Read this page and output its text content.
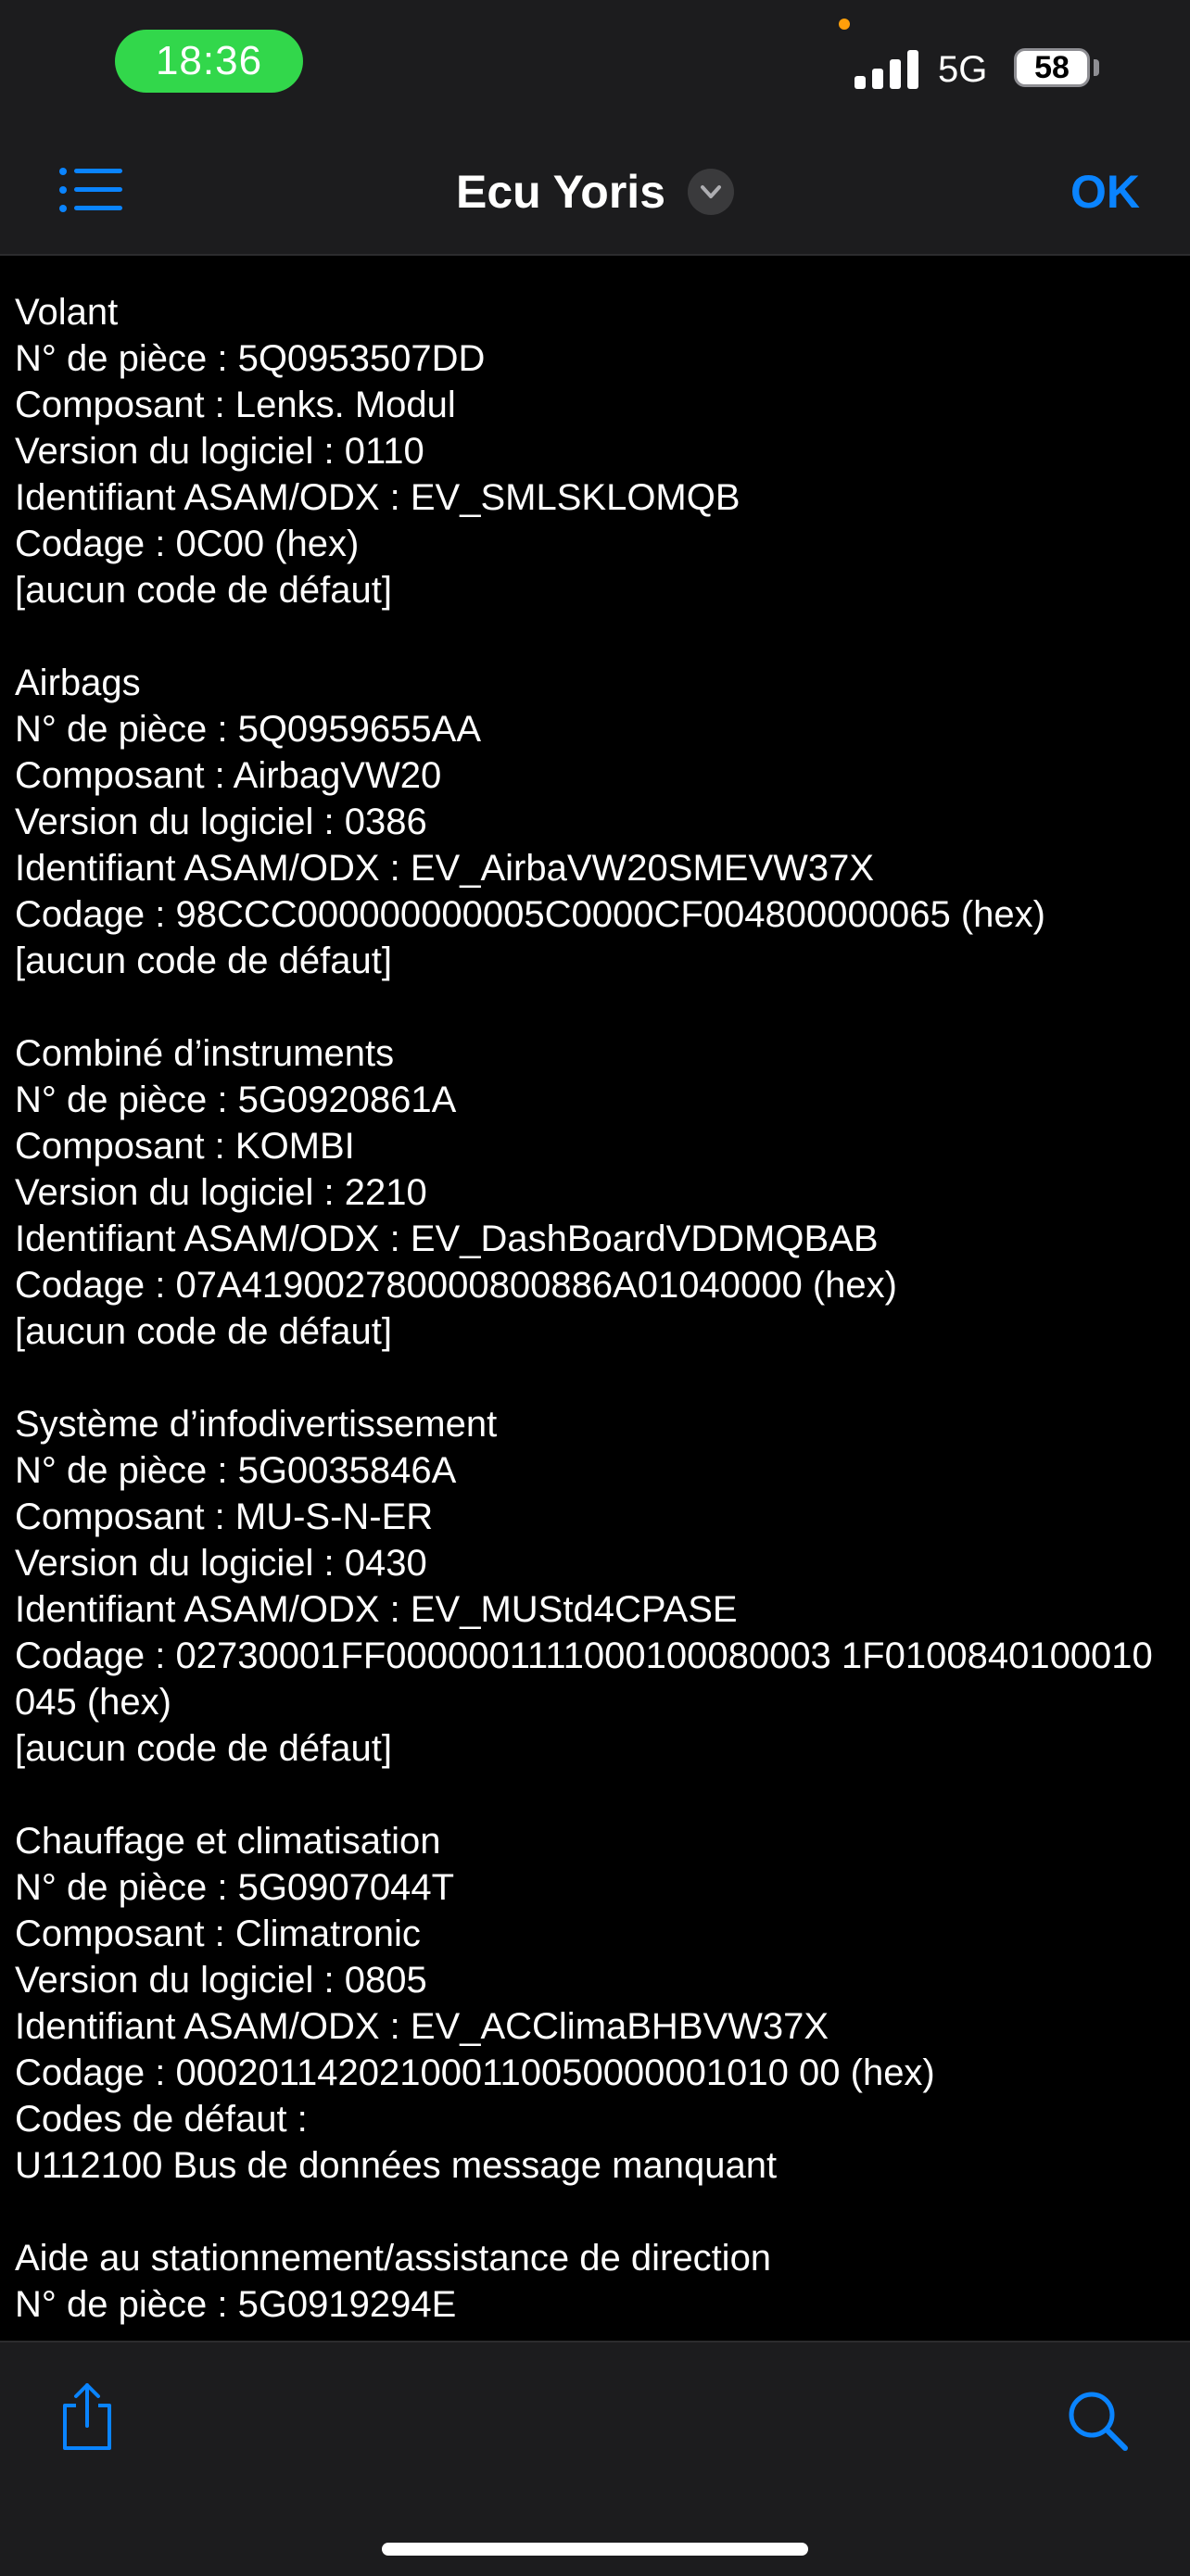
18:36	5G	58
Ecu Yoris	OK
Volant
N° de pièce : 5Q0953507DD
Composant : Lenks. Modul
Version du logiciel : 0110
Identifiant ASAM/ODX : EV_SMLSKLOMQB
Codage : 0C00 (hex)
[aucun code de défaut]
Airbags
N° de pièce : 5Q0959655AA
Composant : AirbagVW20
Version du logiciel : 0386
Identifiant ASAM/ODX : EV_AirbaVW20SMEVW37X
Codage : 98CCC000000000005C0000CF004800000065 (hex)
[aucun code de défaut]
Combiné d’instruments
N° de pièce : 5G0920861A
Composant : KOMBI
Version du logiciel : 2210
Identifiant ASAM/ODX : EV_DashBoardVDDMQBAB
Codage : 07A419002780000800886A01040000 (hex)
[aucun code de défaut]
Système d’infodivertissement
N° de pièce : 5G0035846A
Composant : MU-S-N-ER
Version du logiciel : 0430
Identifiant ASAM/ODX : EV_MUStd4CPASE
Codage : 02730001FF0000001111000100080003 1F0100840100010045 (hex)
[aucun code de défaut]
Chauffage et climatisation
N° de pièce : 5G0907044T
Composant : Climatronic
Version du logiciel : 0805
Identifiant ASAM/ODX : EV_ACClimaBHBVW37X
Codage : 000201142021000110050000001010 00 (hex)
Codes de défaut :
U112100 Bus de données message manquant
Aide au stationnement/assistance de direction
N° de pièce : 5G0919294E
